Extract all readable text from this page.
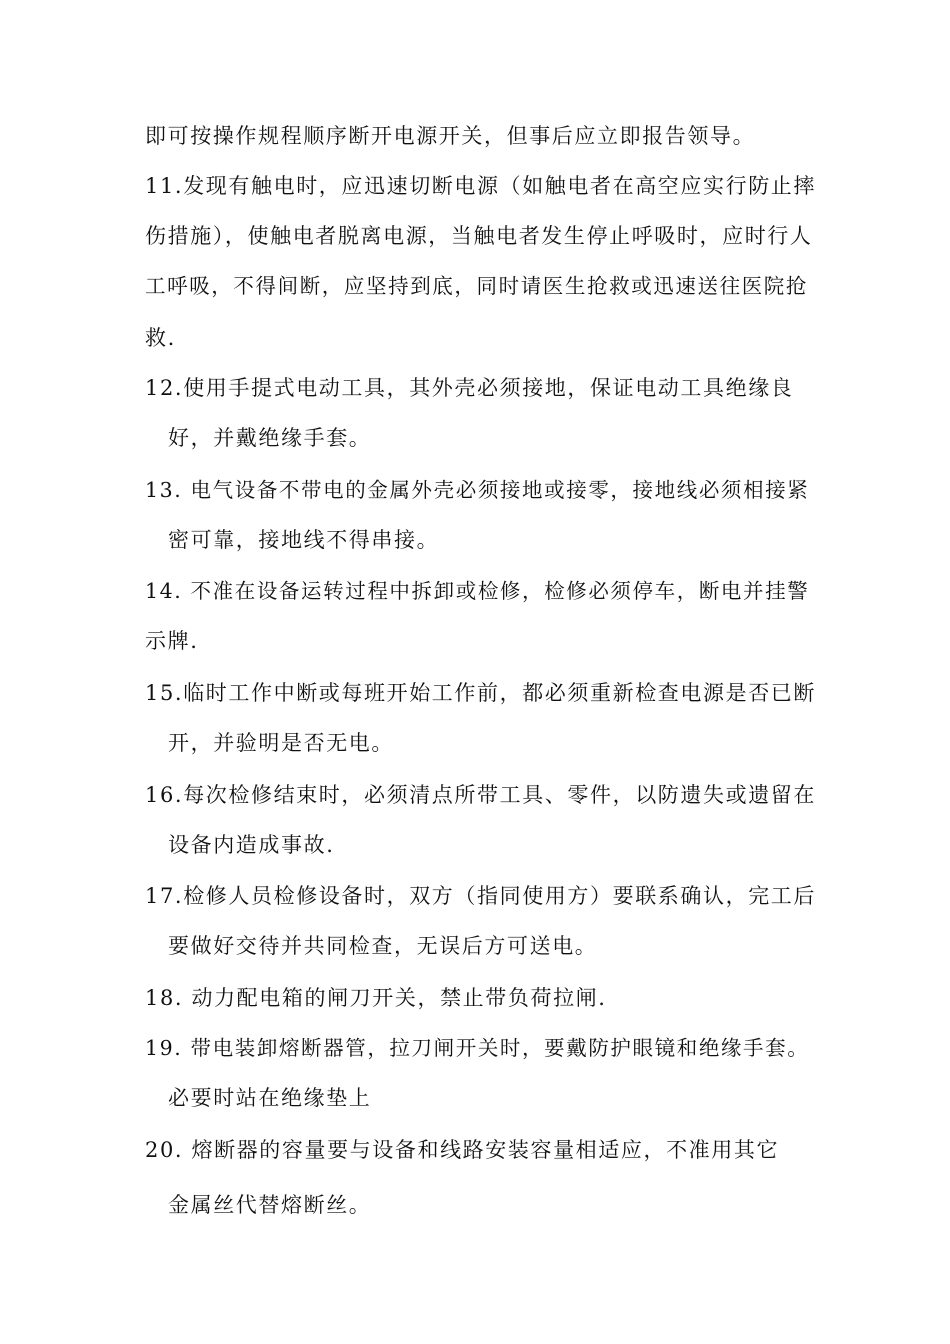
即可按操作规程顺序断开电源开关，但事后应立即报告领导。
11.发现有触电时，应迅速切断电源（如触电者在高空应实行防止摔
伤措施），使触电者脱离电源，当触电者发生停止呼吸时，应时行人
工呼吸，不得间断，应坚持到底，同时请医生抢救或迅速送往医院抢
救.
12.使用手提式电动工具，其外壳必须接地，保证电动工具绝缘良
好，并戴绝缘手套。
13. 电气设备不带电的金属外壳必须接地或接零，接地线必须相接紧
密可靠，接地线不得串接。
14. 不准在设备运转过程中拆卸或检修，检修必须停车，断电并挂警
示牌.
15.临时工作中断或每班开始工作前，都必须重新检查电源是否已断
开，并验明是否无电。
16.每次检修结束时，必须清点所带工具、零件，以防遗失或遗留在
设备内造成事故.
17.检修人员检修设备时，双方（指同使用方）要联系确认，完工后
要做好交待并共同检查，无误后方可送电。
18. 动力配电箱的闸刀开关，禁止带负荷拉闸.
19. 带电装卸熔断器管，拉刀闸开关时，要戴防护眼镜和绝缘手套。
必要时站在绝缘垫上
20. 熔断器的容量要与设备和线路安装容量相适应，不准用其它
金属丝代替熔断丝。
